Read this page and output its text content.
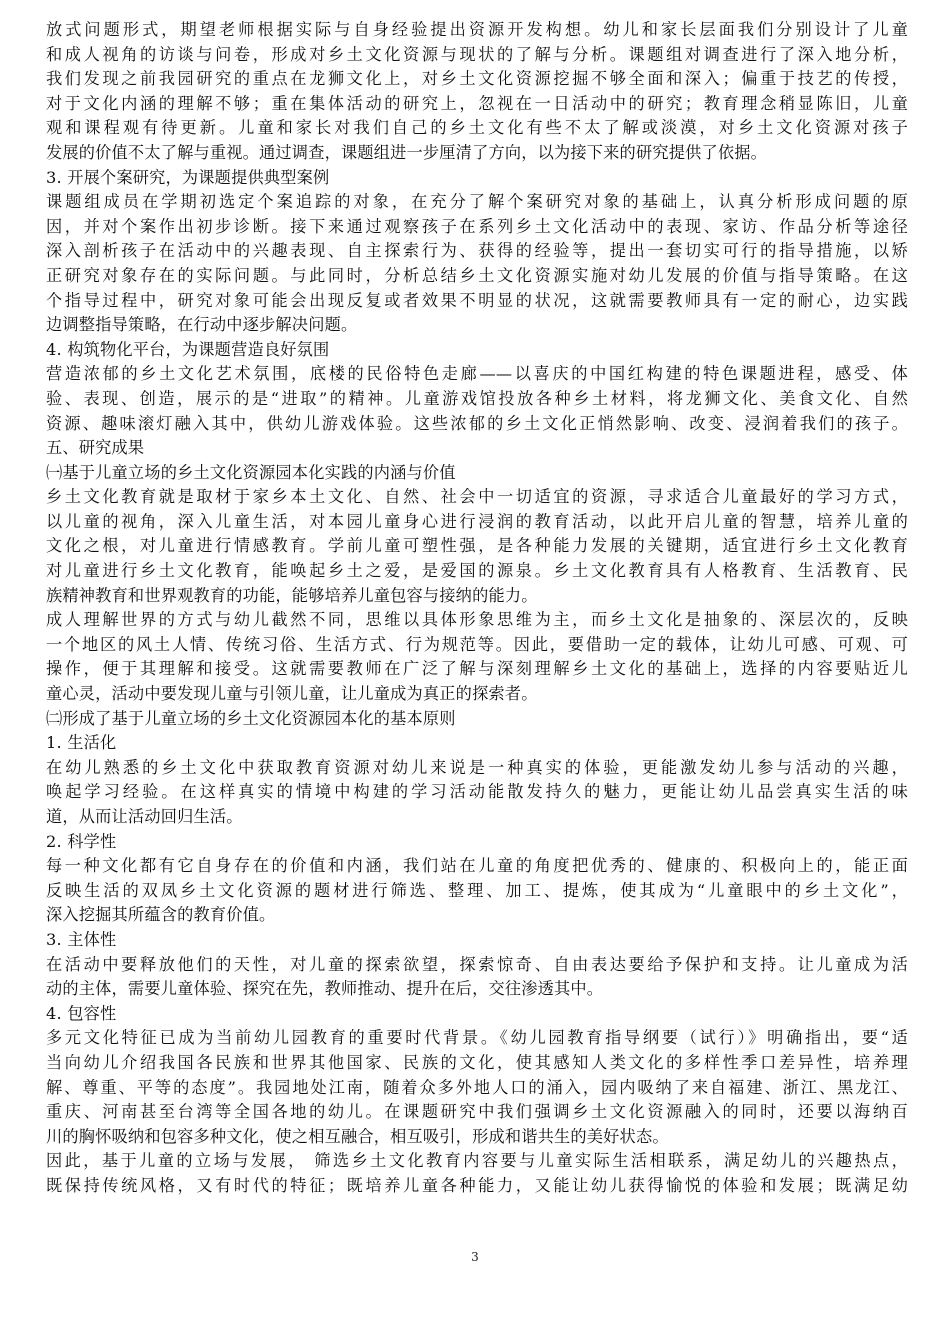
放式问题形式，期望老师根据实际与自身经验提出资源开发构想。幼儿和家长层面我们分别设计了儿童
和成人视角的访谈与问卷，形成对乡土文化资源与现状的了解与分析。课题组对调查进行了深入地分析，
我们发现之前我园研究的重点在龙狮文化上，对乡土文化资源挖掘不够全面和深入；偏重于技艺的传授，
对于文化内涵的理解不够；重在集体活动的研究上，忽视在一日活动中的研究；教育理念稍显陈旧，儿童
观和课程观有待更新。儿童和家长对我们自己的乡土文化有些不太了解或淡漠，对乡土文化资源对孩子
发展的价值不太了解与重视。通过调查，课题组进一步厘清了方向，以为接下来的研究提供了依据。
3. 开展个案研究，为课题提供典型案例
课题组成员在学期初选定个案追踪的对象，在充分了解个案研究对象的基础上，认真分析形成问题的原
因，并对个案作出初步诊断。接下来通过观察孩子在系列乡土文化活动中的表现、家访、作品分析等途径
深入剖析孩子在活动中的兴趣表现、自主探索行为、获得的经验等，提出一套切实可行的指导措施，以矫
正研究对象存在的实际问题。与此同时，分析总结乡土文化资源实施对幼儿发展的价值与指导策略。在这
个指导过程中，研究对象可能会出现反复或者效果不明显的状况，这就需要教师具有一定的耐心，边实践
边调整指导策略，在行动中逐步解决问题。
4. 构筑物化平台，为课题营造良好氛围
营造浓郁的乡土文化艺术氛围，底楼的民俗特色走廊——以喜庆的中国红构建的特色课题进程，感受、体
验、表现、创造，展示的是“进取”的精神。儿童游戏馆投放各种乡土材料，将龙狮文化、美食文化、自然
资源、趣味滚灯融入其中，供幼儿游戏体验。这些浓郁的乡土文化正悄然影响、改变、浸润着我们的孩子。
五、研究成果
㈠基于儿童立场的乡土文化资源园本化实践的内涵与价值
乡土文化教育就是取材于家乡本土文化、自然、社会中一切适宜的资源，寻求适合儿童最好的学习方式，
以儿童的视角，深入儿童生活，对本园儿童身心进行浸润的教育活动，以此开启儿童的智慧，培养儿童的
文化之根，对儿童进行情感教育。学前儿童可塑性强，是各种能力发展的关键期，适宜进行乡土文化教育
对儿童进行乡土文化教育，能唤起乡土之爱，是爱国的源泉。乡土文化教育具有人格教育、生活教育、民
族精神教育和世界观教育的功能，能够培养儿童包容与接纳的能力。
成人理解世界的方式与幼儿截然不同，思维以具体形象思维为主，而乡土文化是抽象的、深层次的，反映
一个地区的风土人情、传统习俗、生活方式、行为规范等。因此，要借助一定的载体，让幼儿可感、可观、可
操作，便于其理解和接受。这就需要教师在广泛了解与深刻理解乡土文化的基础上，选择的内容要贴近儿
童心灵，活动中要发现儿童与引领儿童，让儿童成为真正的探索者。
㈡形成了基于儿童立场的乡土文化资源园本化的基本原则
1. 生活化
在幼儿熟悉的乡土文化中获取教育资源对幼儿来说是一种真实的体验，更能激发幼儿参与活动的兴趣，
唤起学习经验。在这样真实的情境中构建的学习活动能散发持久的魅力，更能让幼儿品尝真实生活的味
道，从而让活动回归生活。
2. 科学性
每一种文化都有它自身存在的价值和内涵，我们站在儿童的角度把优秀的、健康的、积极向上的，能正面
反映生活的双凤乡土文化资源的题材进行筛选、整理、加工、提炼，使其成为“儿童眼中的乡土文化”，
深入挖掘其所蕴含的教育价值。
3. 主体性
在活动中要释放他们的天性，对儿童的探索欲望，探索惊奇、自由表达要给予保护和支持。让儿童成为活
动的主体，需要儿童体验、探究在先，教师推动、提升在后，交往渗透其中。
4. 包容性
多元文化特征已成为当前幼儿园教育的重要时代背景。《幼儿园教育指导纲要（试行）》明确指出，要“适
当向幼儿介绍我国各民族和世界其他国家、民族的文化，使其感知人类文化的多样性季口差异性，培养理
解、尊重、平等的态度”。我园地处江南，随着众多外地人口的涌入，园内吸纳了来自福建、浙江、黑龙江、
重庆、河南甚至台湾等全国各地的幼儿。在课题研究中我们强调乡土文化资源融入的同时，还要以海纳百
川的胸怀吸纳和包容多种文化，使之相互融合，相互吸引，形成和谐共生的美好状态。
因此，基于儿童的立场与发展， 筛选乡土文化教育内容要与儿童实际生活相联系，满足幼儿的兴趣热点，
既保持传统风格，又有时代的特征；既培养儿童各种能力，又能让幼儿获得愉悦的体验和发展；既满足幼
3
